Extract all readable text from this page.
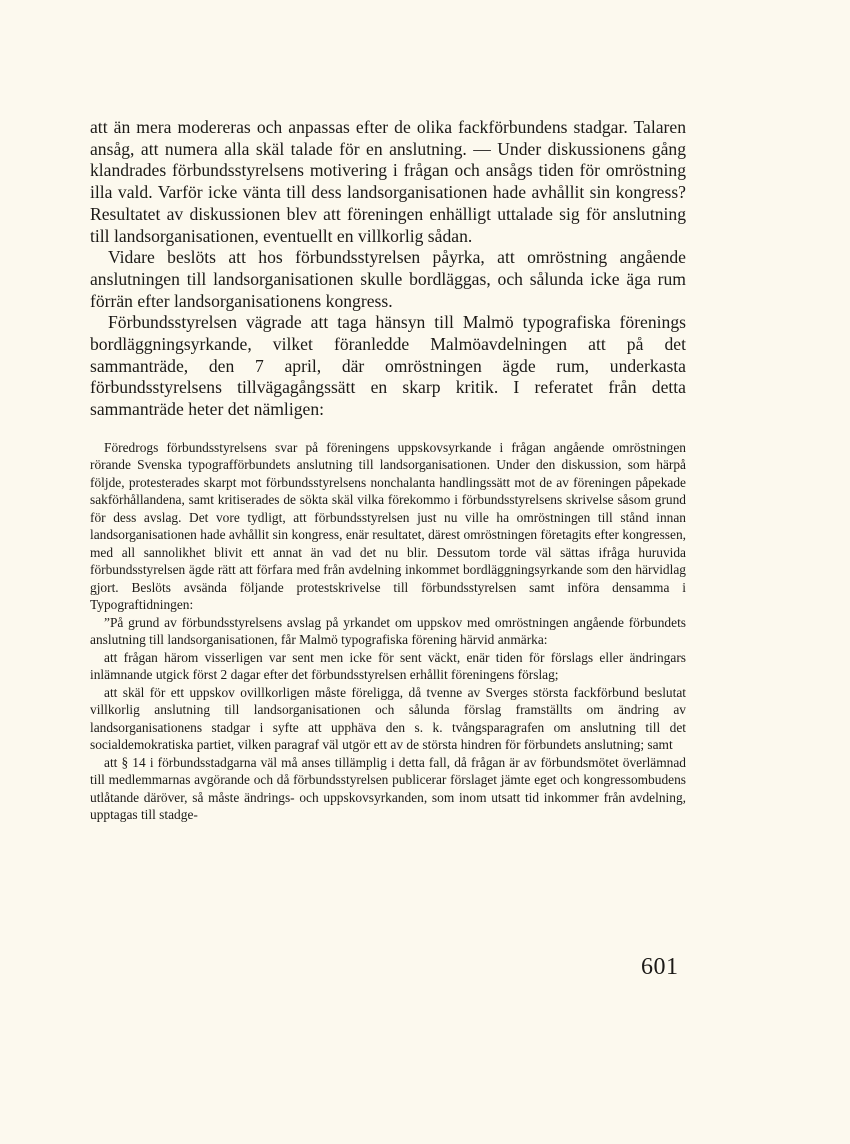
att än mera modereras och anpassas efter de olika fackförbundens stadgar. Talaren ansåg, att numera alla skäl talade för en anslutning. — Under diskussionens gång klandrades förbundsstyrelsens motivering i frågan och ansågs tiden för omröstning illa vald. Varför icke vänta till dess landsorganisationen hade avhållit sin kongress? Resultatet av diskussionen blev att föreningen enhälligt uttalade sig för anslutning till landsorganisationen, eventuellt en villkorlig sådan.

Vidare beslöts att hos förbundsstyrelsen påyrka, att omröstning angående anslutningen till landsorganisationen skulle bordläggas, och sålunda icke äga rum förrän efter landsorganisationens kongress.

Förbundsstyrelsen vägrade att taga hänsyn till Malmö typografiska förenings bordläggningsyrkande, vilket föranledde Malmöavdelningen att på det sammanträde, den 7 april, där omröstningen ägde rum, underkasta förbundsstyrelsens tillvägagångssätt en skarp kritik. I referatet från detta sammanträde heter det nämligen:

Föredrogs förbundsstyrelsens svar på föreningens uppskovsyrkande i frågan angående omröstningen rörande Svenska typografförbundets anslutning till landsorganisationen. Under den diskussion, som härpå följde, protesterades skarpt mot förbundsstyrelsens nonchalanta handlingssätt mot de av föreningen påpekade sakförhållandena, samt kritiserades de sökta skäl vilka förekommo i förbundsstyrelsens skrivelse såsom grund för dess avslag. Det vore tydligt, att förbundsstyrelsen just nu ville ha omröstningen till stånd innan landsorganisationen hade avhållit sin kongress, enär resultatet, därest omröstningen företagits efter kongressen, med all sannolikhet blivit ett annat än vad det nu blir. Dessutom torde väl sättas ifråga huruvida förbundsstyrelsen ägde rätt att förfara med från avdelning inkommet bordläggningsyrkande som den härvidlag gjort. Beslöts avsända följande protestskrivelse till förbundsstyrelsen samt införa densamma i Typograftidningen:

”På grund av förbundsstyrelsens avslag på yrkandet om uppskov med omröstningen angående förbundets anslutning till landsorganisationen, får Malmö typografiska förening härvid anmärka:

att frågan härom visserligen var sent men icke för sent väckt, enär tiden för förslags eller ändringars inlämnande utgick först 2 dagar efter det förbundsstyrelsen erhållit föreningens förslag;

att skäl för ett uppskov ovillkorligen måste föreligga, då tvenne av Sverges största fackförbund beslutat villkorlig anslutning till landsorganisationen och sålunda förslag framställts om ändring av landsorganisationens stadgar i syfte att upphäva den s. k. tvångsparagrafen om anslutning till det socialdemokratiska partiet, vilken paragraf väl utgör ett av de största hindren för förbundets anslutning; samt

att § 14 i förbundsstadgarna väl må anses tillämplig i detta fall, då frågan är av förbundsmötet överlämnad till medlemmarnas avgörande och då förbundsstyrelsen publicerar förslaget jämte eget och kongressombudens utlåtande däröver, så måste ändrings- och uppskovsyrkanden, som inom utsatt tid inkommer från avdelning, upptagas till stadge-

601
